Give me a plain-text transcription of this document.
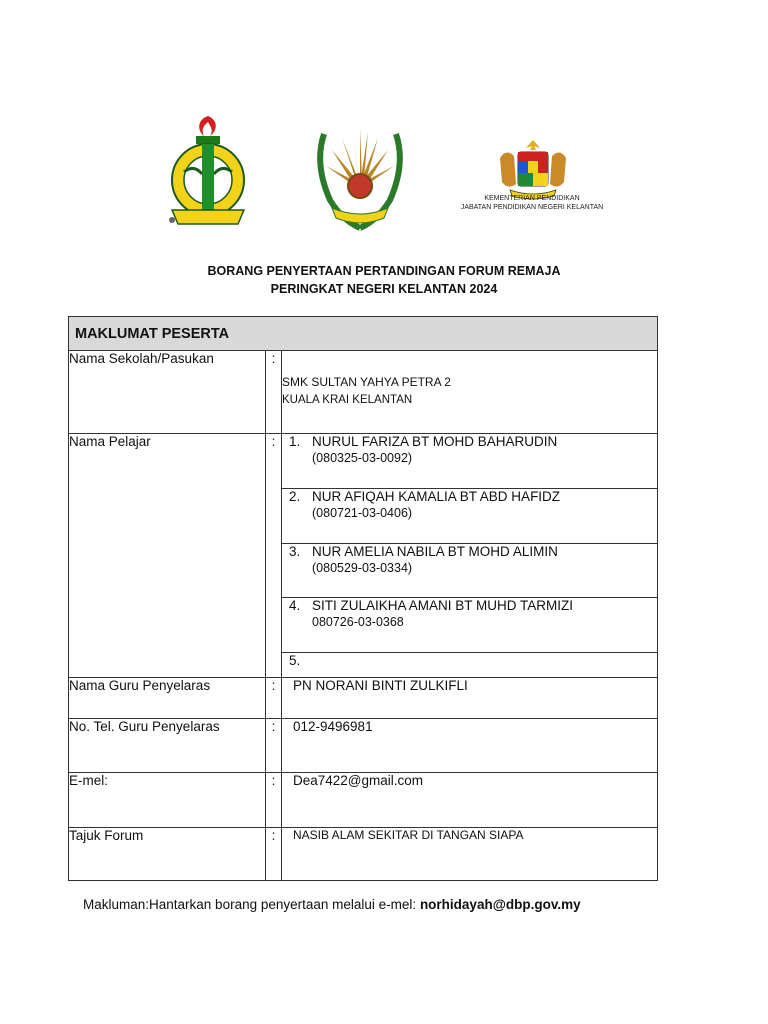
KEMENTERIAN PENDIDIKAN
JABATAN PENDIDIKAN NEGERI KELANTAN
BORANG PENYERTAAN PERTANDINGAN FORUM REMAJA
PERINGKAT NEGERI KELANTAN 2024
MAKLUMAT PESERTA		
Nama Sekolah/Pasukan	:	SMK SULTAN YAHYA PETRA 2
KUALA KRAI KELANTAN

Nama Pelajar	:	1. NURUL FARIZA BT MOHD BAHARUDIN
(080325-03-0092)

		2. NUR AFIQAH KAMALIA BT ABD HAFIDZ
(080721-03-0406)

		3. NUR AMELIA NABILA BT MOHD ALIMIN
(080529-03-0334)

		4. SITI ZULAIKHA AMANI BT MUHD TARMIZI
080726-03-0368

		5.
Nama Guru Penyelaras	:	PN NORANI BINTI ZULKIFLI
No. Tel. Guru Penyelaras	:	012-9496981
E-mel:	:	Dea7422@gmail.com
Tajuk Forum	:	NASIB ALAM SEKITAR DI TANGAN SIAPA
Makluman:Hantarkan borang penyertaan melalui e-mel: norhidayah@dbp.gov.my
